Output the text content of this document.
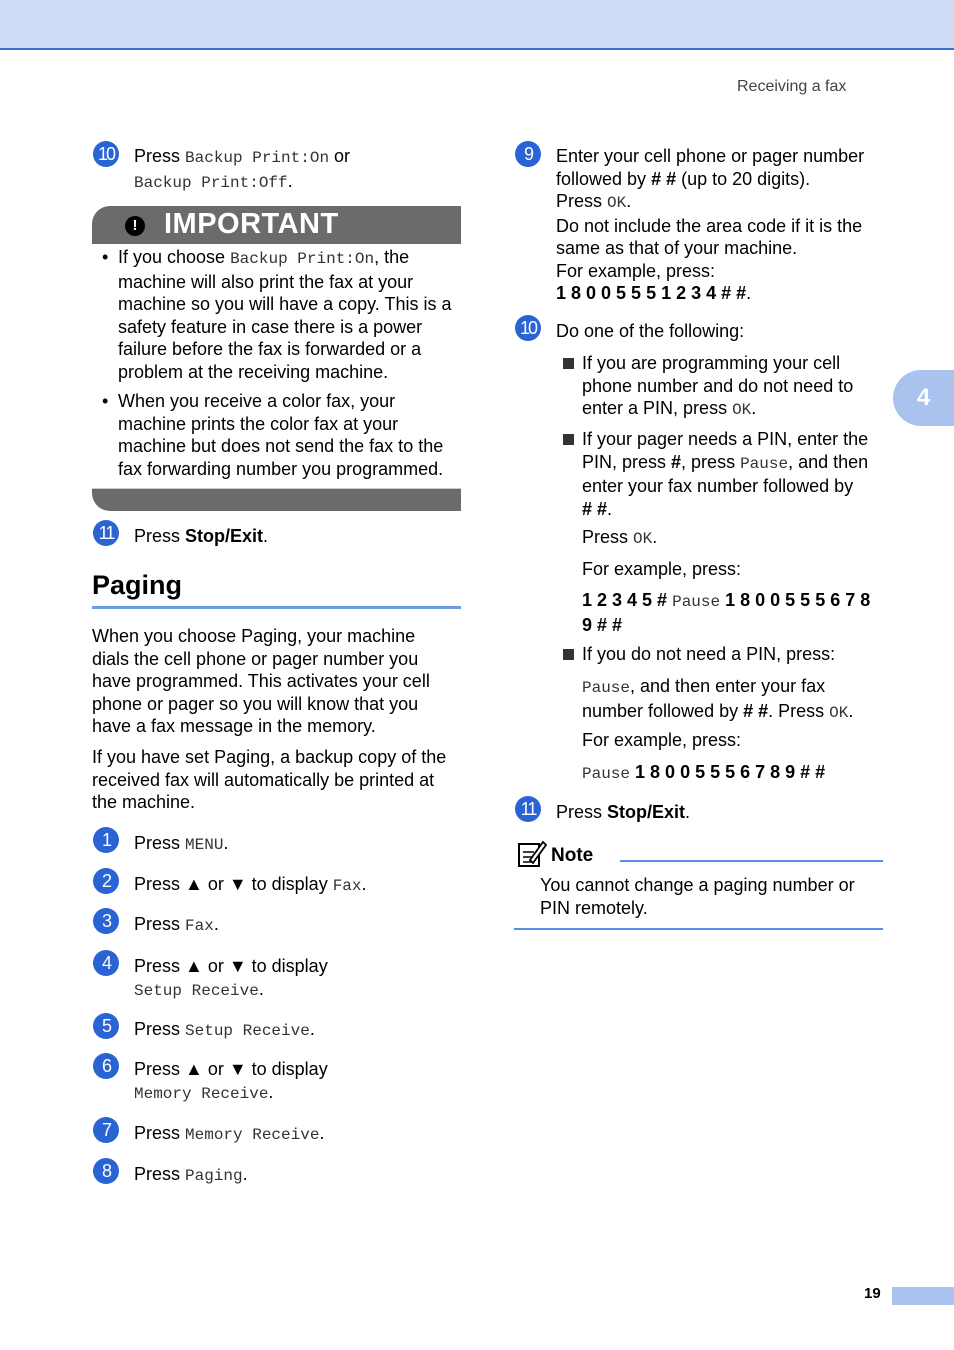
Receiving a fax
4
19
10 Press Backup Print:On or
Backup Print:Off.
! IMPORTANT
• If you choose Backup Print:On, the
machine will also print the fax at your
machine so you will have a copy. This is a
safety feature in case there is a power
failure before the fax is forwarded or a
problem at the receiving machine.
• When you receive a color fax, your
machine prints the color fax at your
machine but does not send the fax to the
fax forwarding number you programmed.
11	Press Stop/Exit.
Paging
When you choose Paging, your machine
dials the cell phone or pager number you
have programmed. This activates your cell
phone or pager so you will know that you
have a fax message in the memory.
If you have set Paging, a backup copy of the
received fax will automatically be printed at
the machine.
1	Press MENU.
2	Press ▲ or ▼ to display Fax.
3	Press Fax.
4	Press ▲ or ▼ to display
Setup Receive.
5	Press Setup Receive.
6	Press ▲ or ▼ to display
Memory Receive.
7	Press Memory Receive.
8	Press Paging.
9	Enter your cell phone or pager number
followed by # # (up to 20 digits).
Press OK.
Do not include the area code if it is the
same as that of your machine.
For example, press:
1 8 0 0 5 5 5 1 2 3 4 # #.
10 Do one of the following:
If you are programming your cell
phone number and do not need to
enter a PIN, press OK.
If your pager needs a PIN, enter the
PIN, press #, press Pause, and then
enter your fax number followed by
# #.
Press OK.
For example, press:
1 2 3 4 5 # Pause 1 8 0 0 5 5 5 6 7 8
9 # #
If you do not need a PIN, press:
Pause, and then enter your fax
number followed by # #. Press OK.
For example, press:
Pause 1 8 0 0 5 5 5 6 7 8 9 # #
11	Press Stop/Exit.
Note
You cannot change a paging number or
PIN remotely.
